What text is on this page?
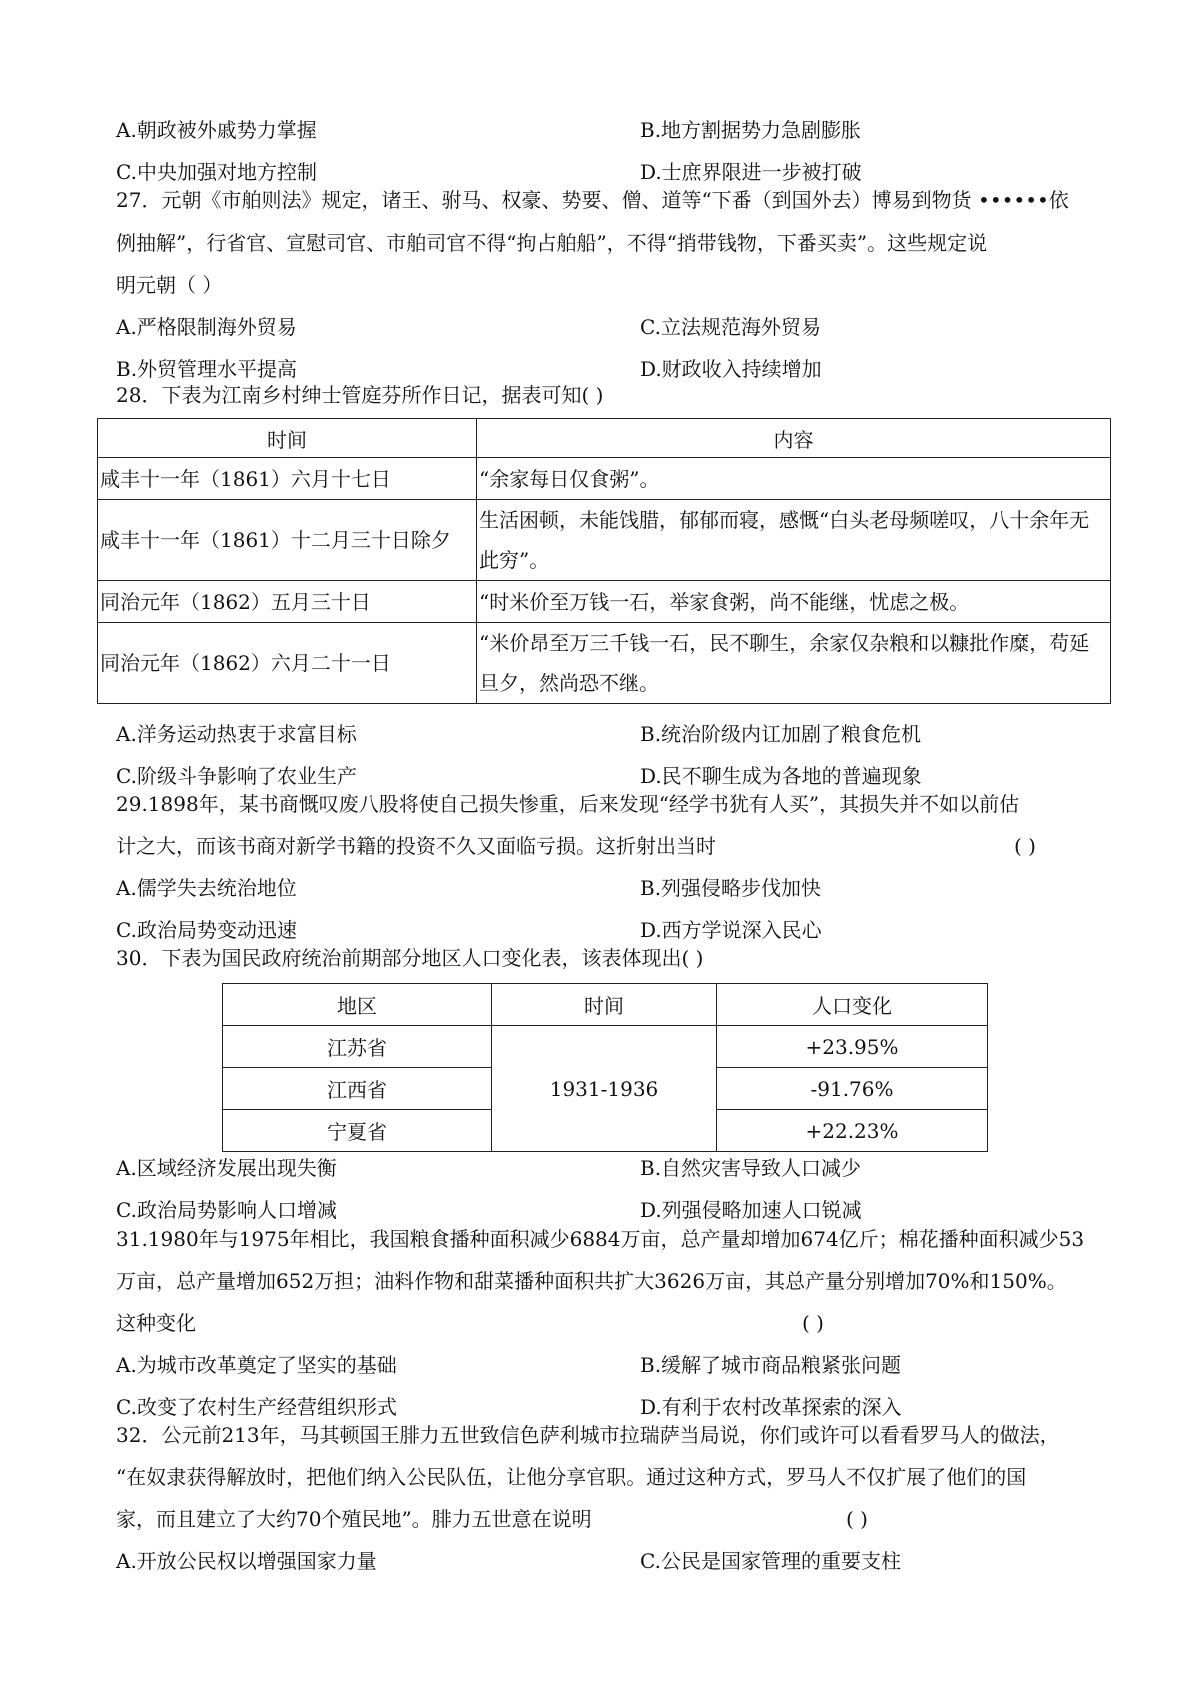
A.朝政被外戚势力掌握	B.地方割据势力急剧膨胀
C.中央加强对地方控制	D.士庶界限进一步被打破
27．元朝《市舶则法》规定，诸王、驸马、权豪、势要、僧、道等“下番（到国外去）博易到物货 ••••••依
例抽解”，行省官、宣慰司官、市舶司官不得“拘占舶船”，不得“捎带钱物，下番买卖”。这些规定说
明元朝（ ）
A.严格限制海外贸易	C.立法规范海外贸易
B.外贸管理水平提高	D.财政收入持续增加
28．下表为江南乡村绅士管庭芬所作日记，据表可知( )
时间	内容
咸丰十一年（1861）六月十七日	“余家每日仅食粥”。
咸丰十一年（1861）十二月三十日除夕	生活困顿，未能饯腊，郁郁而寝，感慨“白头老母频嗟叹，八十余年无此穷”。
同治元年（1862）五月三十日	“时米价至万钱一石，举家食粥，尚不能继，忧虑之极。
同治元年（1862）六月二十一日	“米价昂至万三千钱一石，民不聊生，余家仅杂粮和以糠批作糜，苟延旦夕，然尚恐不继。
A.洋务运动热衷于求富目标	B.统治阶级内讧加剧了粮食危机
C.阶级斗争影响了农业生产	D.民不聊生成为各地的普遍现象
29.1898年，某书商慨叹废八股将使自己损失惨重，后来发现“经学书犹有人买”，其损失并不如以前估
计之大，而该书商对新学书籍的投资不久又面临亏损。这折射出当时	( )
A.儒学失去统治地位	B.列强侵略步伐加快
C.政治局势变动迅速	D.西方学说深入民心
30．下表为国民政府统治前期部分地区人口变化表，该表体现出( )
地区	时间	人口变化
江苏省	1931-1936	+23.95%
江西省		-91.76%
宁夏省		+22.23%
A.区域经济发展出现失衡	B.自然灾害导致人口减少
C.政治局势影响人口增减	D.列强侵略加速人口锐减
31.1980年与1975年相比，我国粮食播种面积减少6884万亩，总产量却增加674亿斤；棉花播种面积减少53
万亩，总产量增加652万担；油料作物和甜菜播种面积共扩大3626万亩，其总产量分别增加70%和150%。
这种变化	( )
A.为城市改革奠定了坚实的基础	B.缓解了城市商品粮紧张问题
C.改变了农村生产经营组织形式	D.有利于农村改革探索的深入
32．公元前213年，马其顿国王腓力五世致信色萨利城市拉瑞萨当局说，你们或许可以看看罗马人的做法，
“在奴隶获得解放时，把他们纳入公民队伍，让他分享官职。通过这种方式，罗马人不仅扩展了他们的国
家，而且建立了大约70个殖民地”。腓力五世意在说明	( )
A.开放公民权以增强国家力量	C.公民是国家管理的重要支柱
